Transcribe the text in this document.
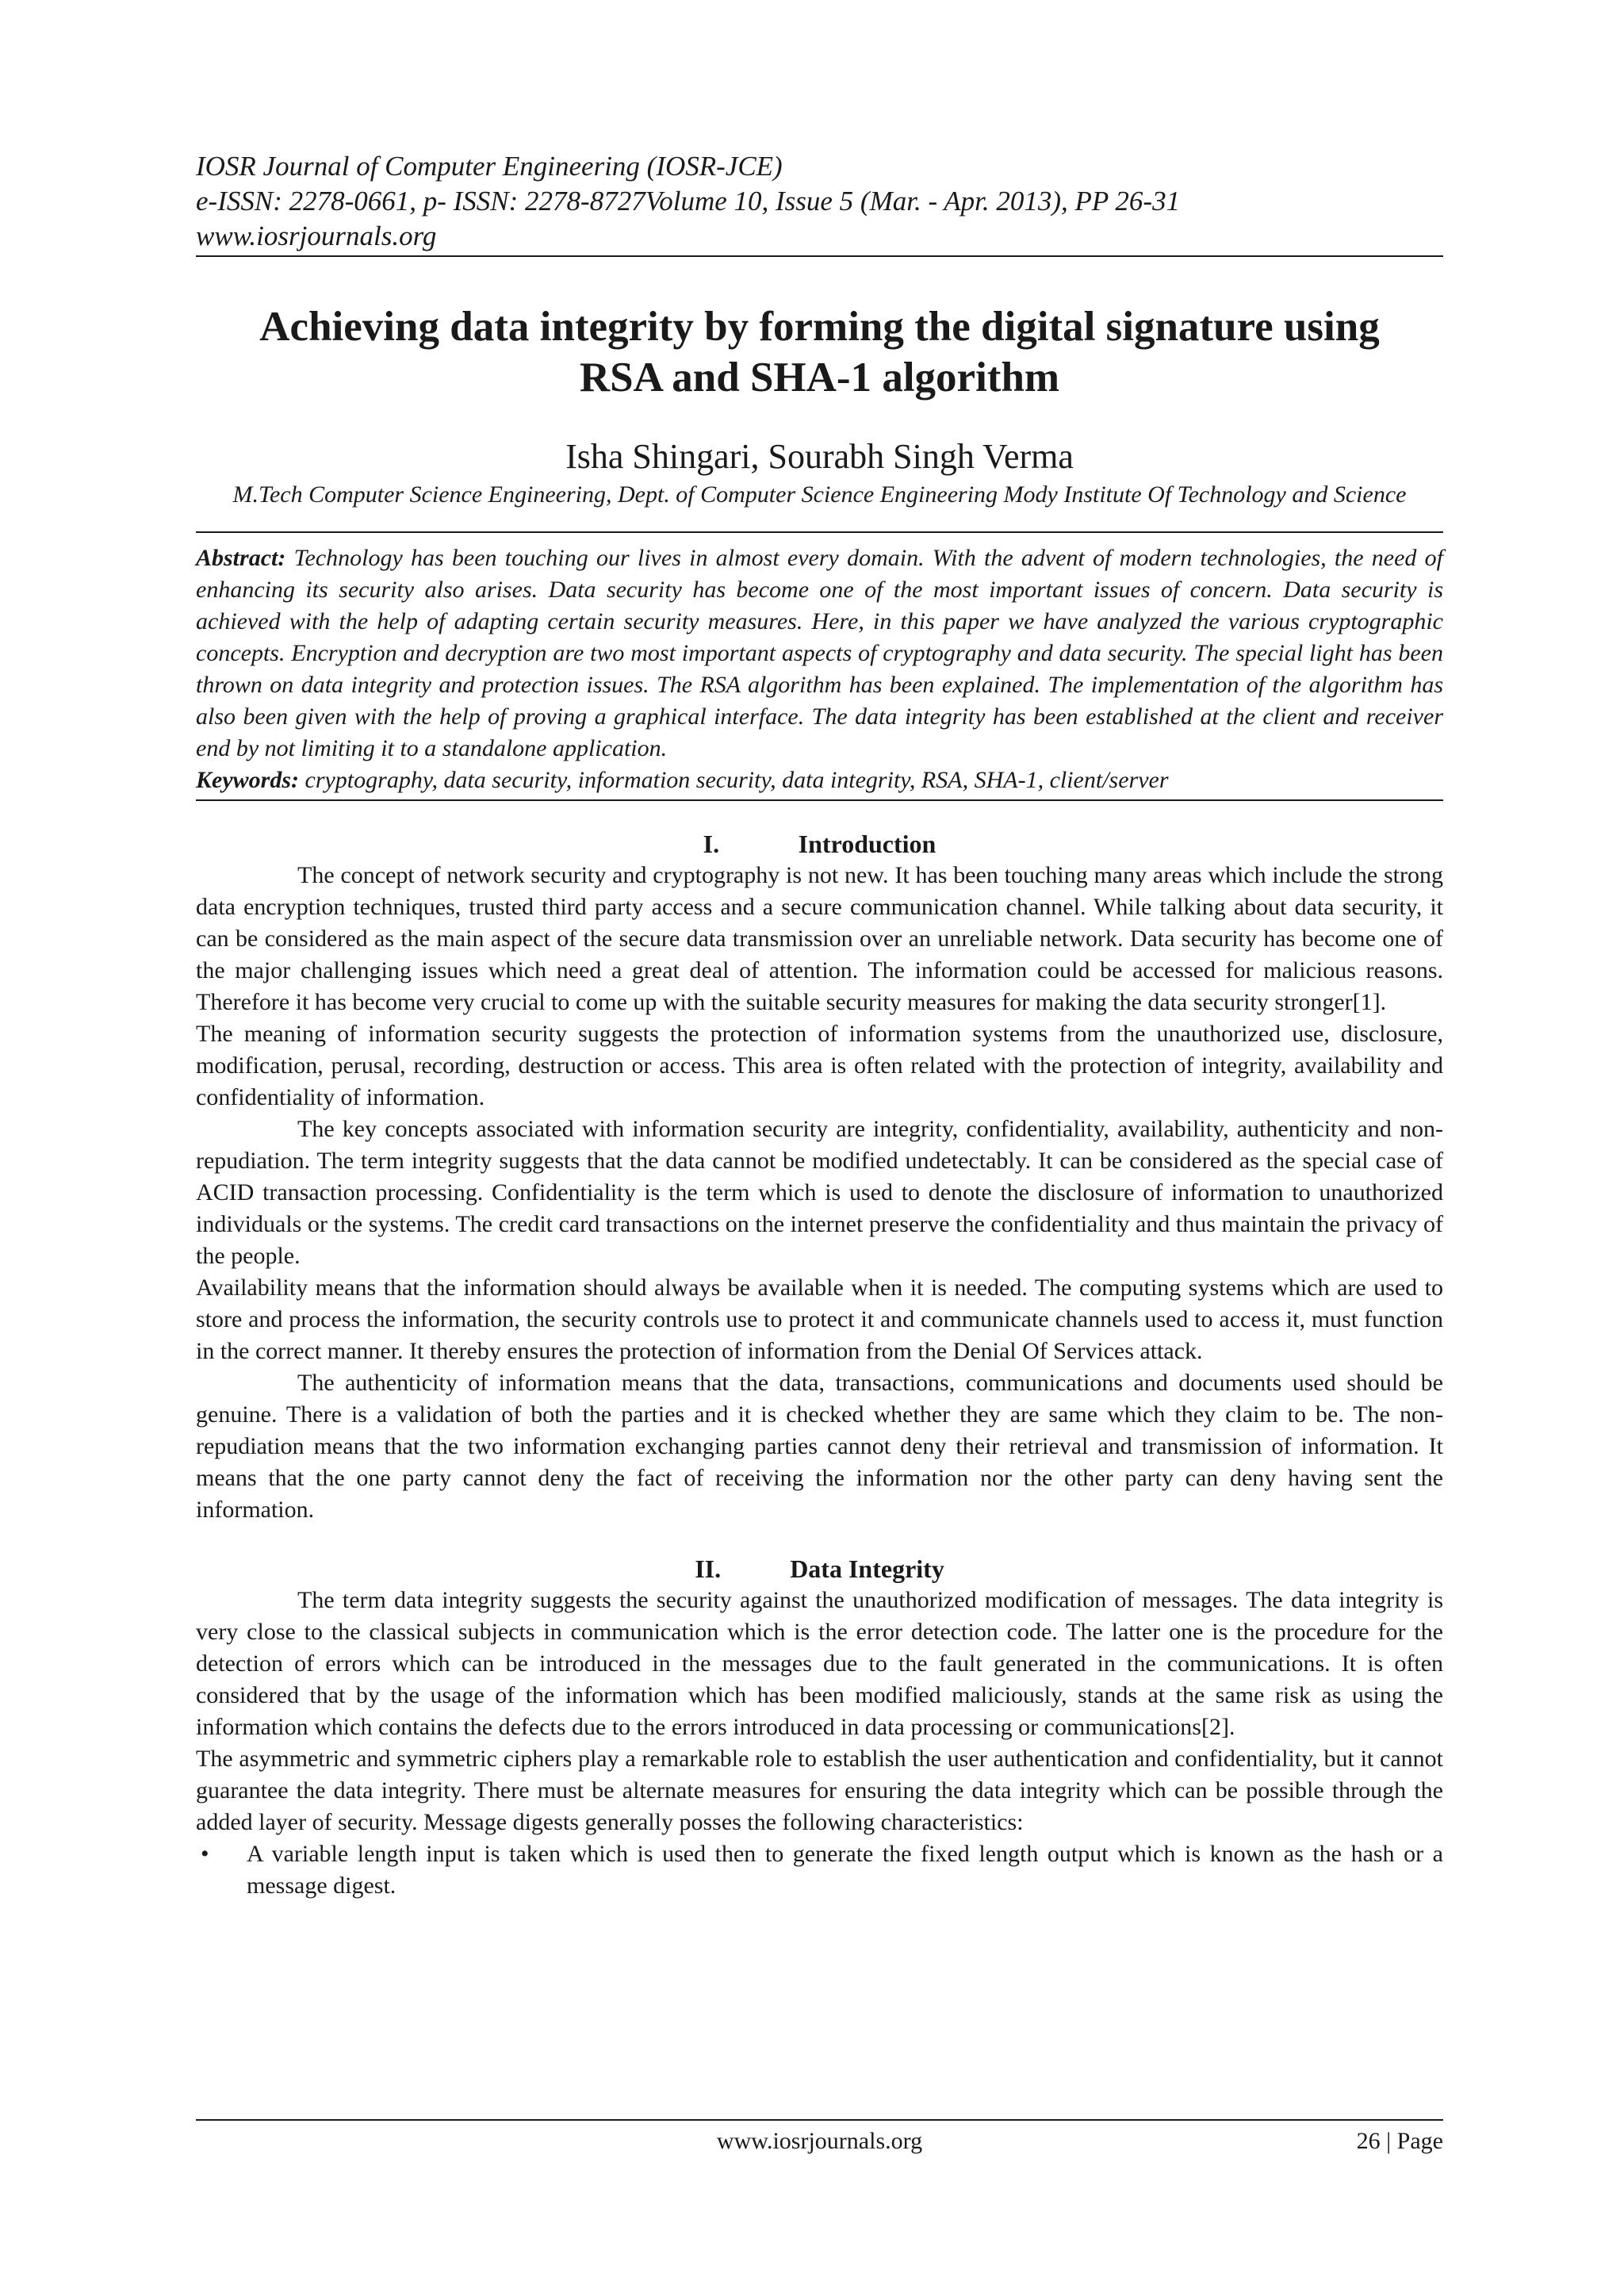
IOSR Journal of Computer Engineering (IOSR-JCE)
e-ISSN: 2278-0661, p- ISSN: 2278-8727Volume 10, Issue 5 (Mar. - Apr. 2013), PP 26-31
www.iosrjournals.org
Achieving data integrity by forming the digital signature using
RSA and SHA-1 algorithm
Isha Shingari, Sourabh Singh Verma
M.Tech Computer Science Engineering, Dept. of Computer Science Engineering Mody Institute Of Technology and Science
Abstract: Technology has been touching our lives in almost every domain. With the advent of modern technologies, the need of enhancing its security also arises. Data security has become one of the most important issues of concern. Data security is achieved with the help of adapting certain security measures. Here, in this paper we have analyzed the various cryptographic concepts. Encryption and decryption are two most important aspects of cryptography and data security. The special light has been thrown on data integrity and protection issues. The RSA algorithm has been explained. The implementation of the algorithm has also been given with the help of proving a graphical interface. The data integrity has been established at the client and receiver end by not limiting it to a standalone application.
Keywords: cryptography, data security, information security, data integrity, RSA, SHA-1, client/server
I.	Introduction

The concept of network security and cryptography is not new. It has been touching many areas which include the strong data encryption techniques, trusted third party access and a secure communication channel. While talking about data security, it can be considered as the main aspect of the secure data transmission over an unreliable network. Data security has become one of the major challenging issues which need a great deal of attention. The information could be accessed for malicious reasons. Therefore it has become very crucial to come up with the suitable security measures for making the data security stronger[1].

The meaning of information security suggests the protection of information systems from the unauthorized use, disclosure, modification, perusal, recording, destruction or access. This area is often related with the protection of integrity, availability and confidentiality of information.

The key concepts associated with information security are integrity, confidentiality, availability, authenticity and non-repudiation. The term integrity suggests that the data cannot be modified undetectably. It can be considered as the special case of ACID transaction processing. Confidentiality is the term which is used to denote the disclosure of information to unauthorized individuals or the systems. The credit card transactions on the internet preserve the confidentiality and thus maintain the privacy of the people.

Availability means that the information should always be available when it is needed. The computing systems which are used to store and process the information, the security controls use to protect it and communicate channels used to access it, must function in the correct manner. It thereby ensures the protection of information from the Denial Of Services attack.

The authenticity of information means that the data, transactions, communications and documents used should be genuine. There is a validation of both the parties and it is checked whether they are same which they claim to be. The non-repudiation means that the two information exchanging parties cannot deny their retrieval and transmission of information. It means that the one party cannot deny the fact of receiving the information nor the other party can deny having sent the information.

II.	Data Integrity

The term data integrity suggests the security against the unauthorized modification of messages. The data integrity is very close to the classical subjects in communication which is the error detection code. The latter one is the procedure for the detection of errors which can be introduced in the messages due to the fault generated in the communications. It is often considered that by the usage of the information which has been modified maliciously, stands at the same risk as using the information which contains the defects due to the errors introduced in data processing or communications[2].

The asymmetric and symmetric ciphers play a remarkable role to establish the user authentication and confidentiality, but it cannot guarantee the data integrity. There must be alternate measures for ensuring the data integrity which can be possible through the added layer of security. Message digests generally posses the following characteristics:

• A variable length input is taken which is used then to generate the fixed length output which is known as the hash or a message digest.
www.iosrjournals.org	26 | Page
